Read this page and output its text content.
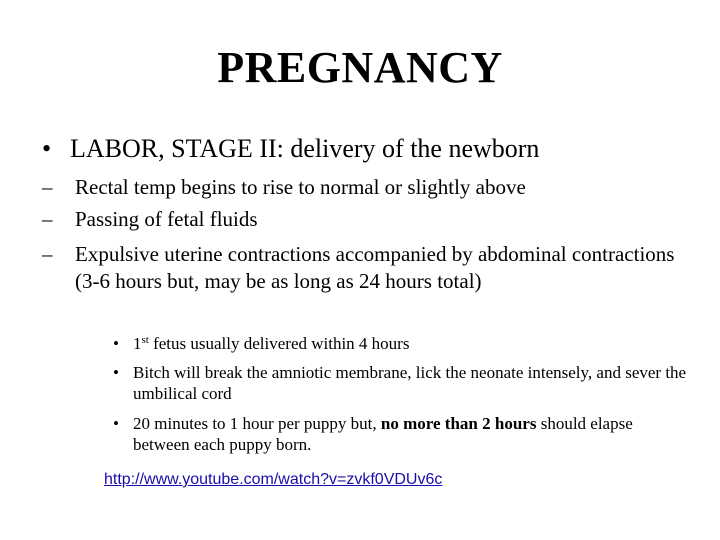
PREGNANCY
• LABOR, STAGE II: delivery of the newborn
–	Rectal temp begins to rise to normal or slightly above
–	Passing of fetal fluids
–	Expulsive uterine contractions accompanied by abdominal contractions (3-6 hours but, may be as long as 24 hours total)
• 1st fetus usually delivered within 4 hours
• Bitch will break the amniotic membrane, lick the neonate intensely, and sever the umbilical cord
• 20 minutes to 1 hour per puppy but, no more than 2 hours should elapse between each puppy born.
http://www.youtube.com/watch?v=zvkf0VDUv6c
